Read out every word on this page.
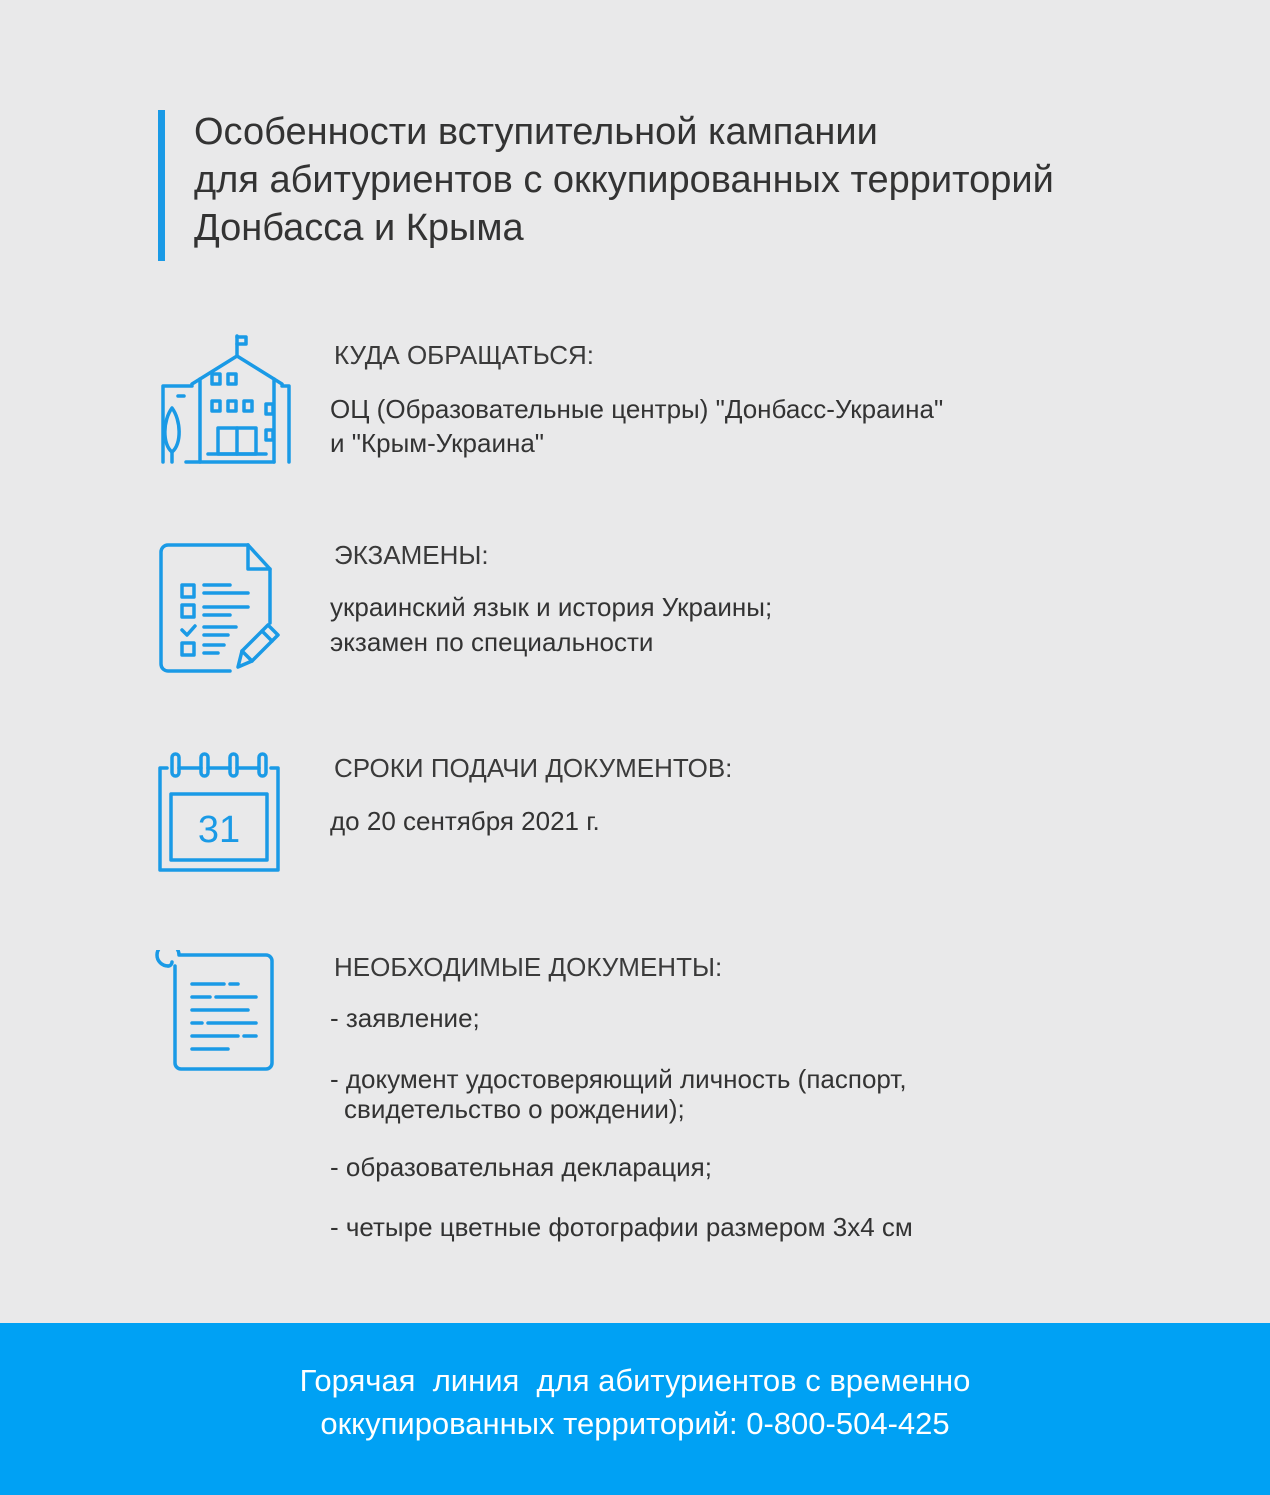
Особенности вступительной кампании
для абитуриентов с оккупированных территорий
Донбасса и Крыма
КУДА ОБРАЩАТЬСЯ:
ОЦ (Образовательные центры) "Донбасс-Украина"
и "Крым-Украина"
ЭКЗАМЕНЫ:
украинский язык и история Украины;
экзамен по специальности
31
СРОКИ ПОДАЧИ ДОКУМЕНТОВ:
до 20 сентября 2021 г.
НЕОБХОДИМЫЕ ДОКУМЕНТЫ:
- заявление;
- документ удостоверяющий личность (паспорт,
свидетельство о рождении);
- образовательная декларация;
- четыре цветные фотографии размером 3х4 см
Горячая  линия  для абитуриентов с временно
оккупированных территорий: 0-800-504-425
